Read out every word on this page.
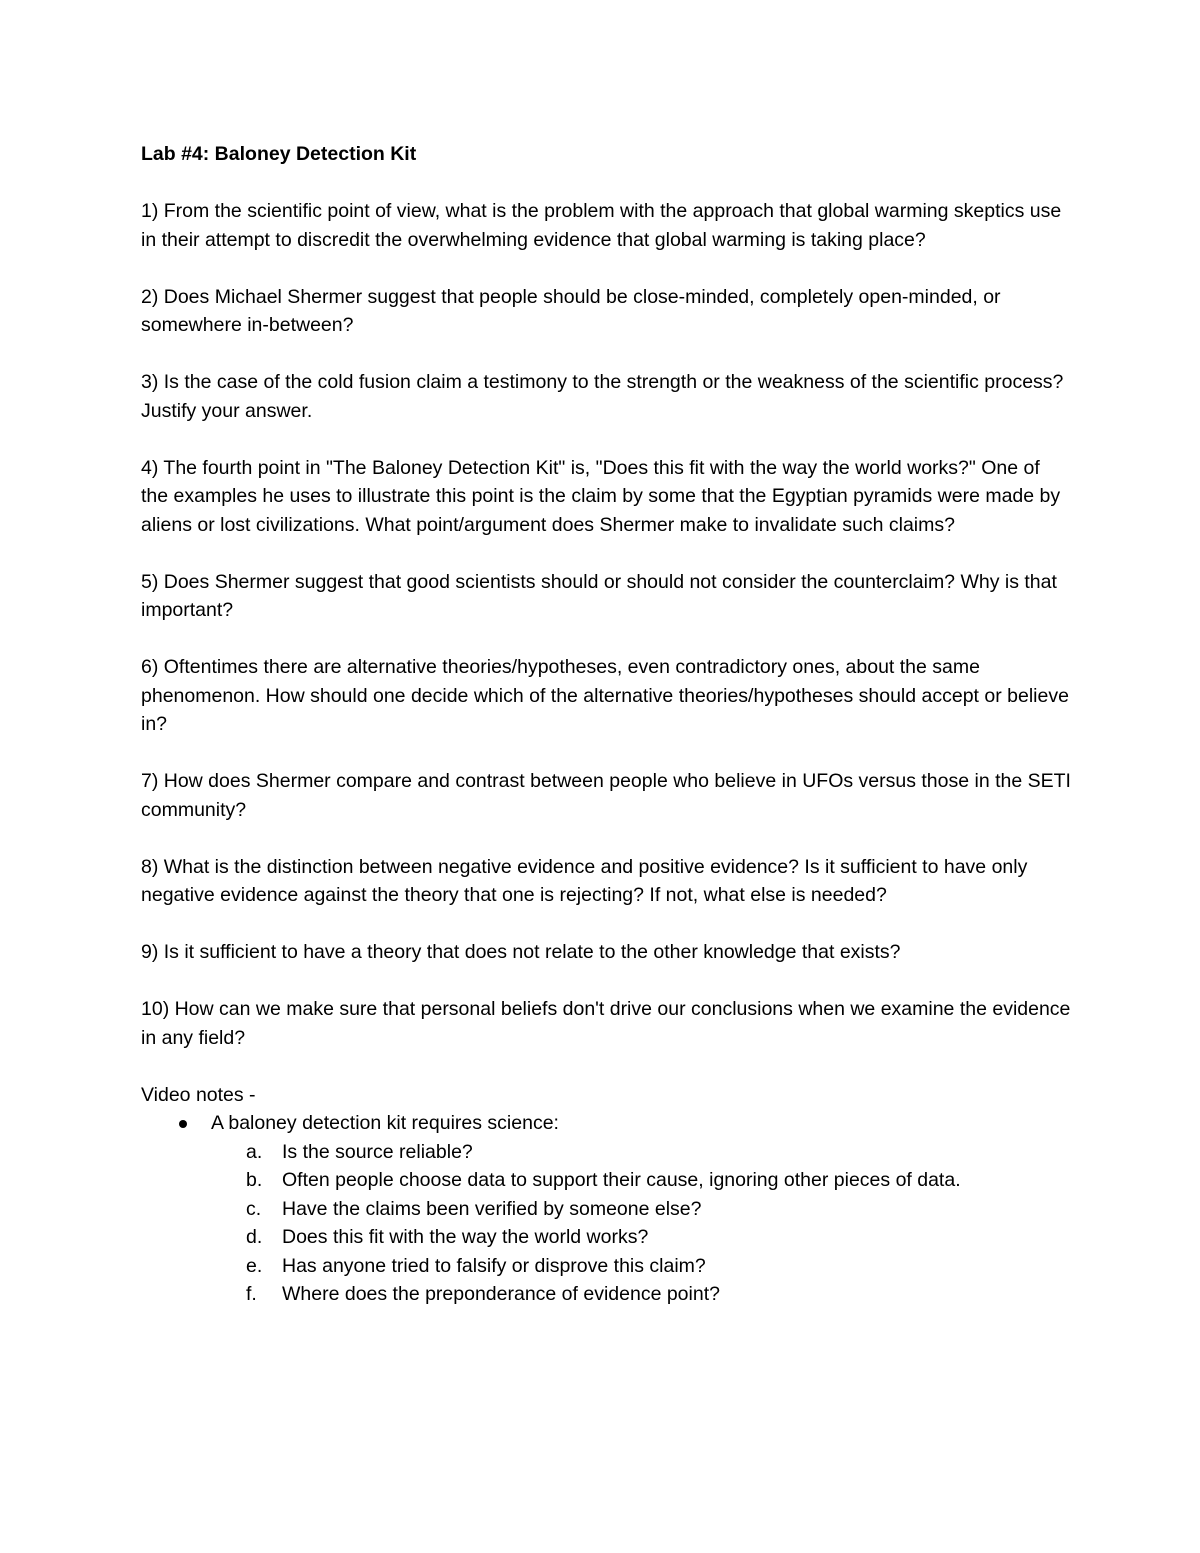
Lab #4: Baloney Detection Kit
1) From the scientific point of view, what is the problem with the approach that global warming skeptics use in their attempt to discredit the overwhelming evidence that global warming is taking place?
2) Does Michael Shermer suggest that people should be close-minded, completely open-minded, or somewhere in-between?
3) Is the case of the cold fusion claim a testimony to the strength or the weakness of the scientific process? Justify your answer.
4) The fourth point in "The Baloney Detection Kit" is, "Does this fit with the way the world works?" One of the examples he uses to illustrate this point is the claim by some that the Egyptian pyramids were made by aliens or lost civilizations. What point/argument does Shermer make to invalidate such claims?
5) Does Shermer suggest that good scientists should or should not consider the counterclaim? Why is that important?
6) Oftentimes there are alternative theories/hypotheses, even contradictory ones, about the same phenomenon. How should one decide which of the alternative theories/hypotheses should accept or believe in?
7) How does Shermer compare and contrast between people who believe in UFOs versus those in the SETI community?
8) What is the distinction between negative evidence and positive evidence? Is it sufficient to have only negative evidence against the theory that one is rejecting? If not, what else is needed?
9) Is it sufficient to have a theory that does not relate to the other knowledge that exists?
10) How can we make sure that personal beliefs don't drive our conclusions when we examine the evidence in any field?
Video notes -
A baloney detection kit requires science:
a. Is the source reliable?
b. Often people choose data to support their cause, ignoring other pieces of data.
c. Have the claims been verified by someone else?
d. Does this fit with the way the world works?
e. Has anyone tried to falsify or disprove this claim?
f. Where does the preponderance of evidence point?
